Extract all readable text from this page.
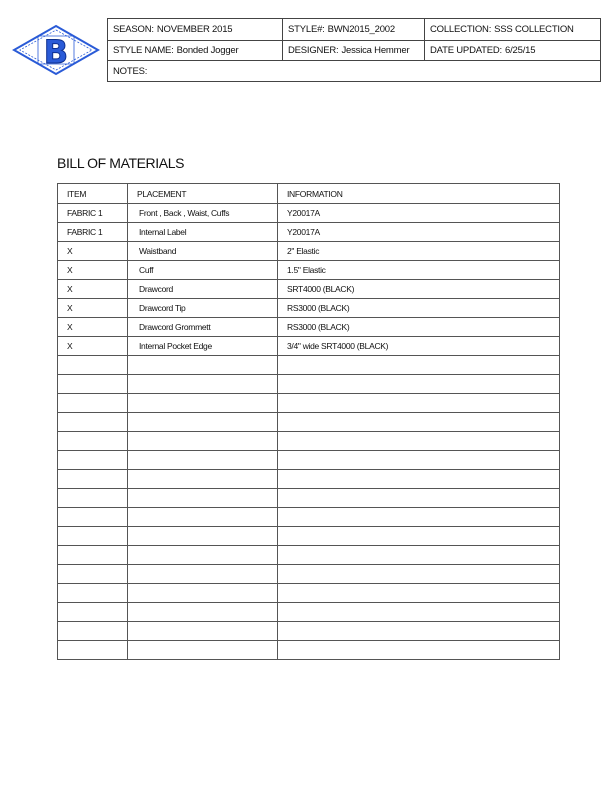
B
SEASON: NOVEMBER 2015	STYLE#: BWN2015_2002	COLLECTION: SSS COLLECTION
STYLE NAME: Bonded Jogger	DESIGNER: Jessica Hemmer DATE UPDATED: 6/25/15
NOTES:
BILL OF MATERIALS
ITEM	PLACEMENT	INFORMATION
FABRIC 1	Front , Back , Waist, Cuffs	Y20017A
FABRIC 1	Internal Label	Y20017A
X	Waistband	2" Elastic
X	Cuff	1.5" Elastic
X	Drawcord	SRT4000 (BLACK)
X	Drawcord Tip	RS3000 (BLACK)
X	Drawcord Grommett	RS3000 (BLACK)
X	Internal Pocket Edge	3/4" wide SRT4000 (BLACK)
